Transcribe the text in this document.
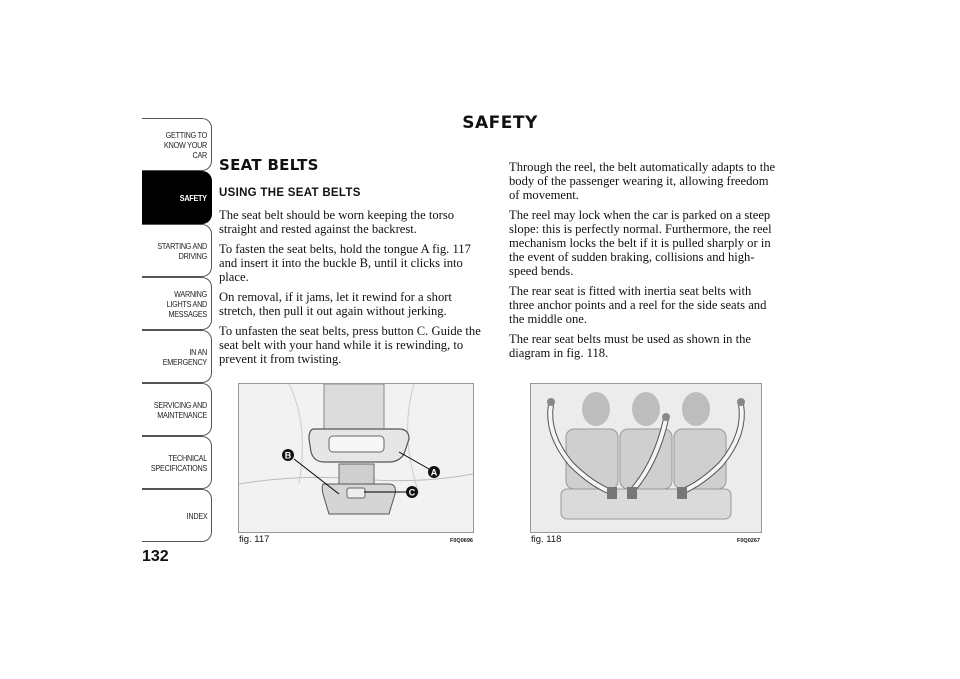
GETTING TO KNOW YOUR CAR
SAFETY
STARTING AND DRIVING
WARNING LIGHTS AND MESSAGES
IN AN EMERGENCY
SERVICING AND MAINTENANCE
TECHNICAL SPECIFICATIONS
INDEX
132
SAFETY
SEAT BELTS
USING THE SEAT BELTS

The seat belt should be worn keeping the torso straight and rested against the backrest.

To fasten the seat belts, hold the tongue A fig. 117 and insert it into the buckle B, until it clicks into place.

On removal, if it jams, let it rewind for a short stretch, then pull it out again without jerking.

To unfasten the seat belts, press button C. Guide the seat belt with your hand while it is rewinding, to prevent it from twisting.

Through the reel, the belt automatically adapts to the body of the passenger wearing it, allowing freedom of movement.

The reel may lock when the car is parked on a steep slope: this is perfectly normal. Furthermore, the reel mechanism locks the belt if it is pulled sharply or in the event of sudden braking, collisions and high-speed bends.

The rear seat is fitted with inertia seat belts with three anchor points and a reel for the side seats and the middle one.

The rear seat belts must be used as shown in the diagram in fig. 118.

B
A
C
fig. 117	F0Q0696	fig. 118	F0Q0267
